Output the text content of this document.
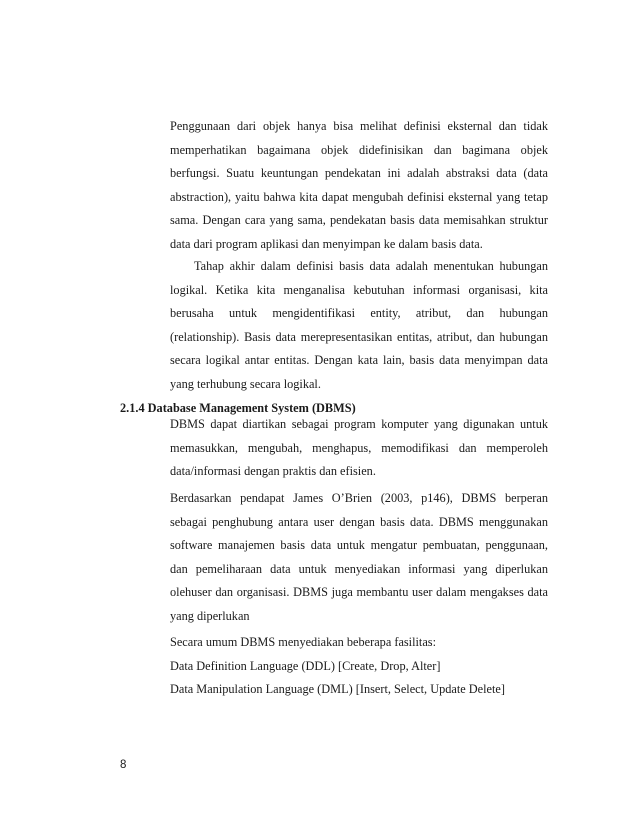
Penggunaan dari objek hanya bisa melihat definisi eksternal dan tidak
memperhatikan bagaimana objek didefinisikan dan bagimana objek
berfungsi. Suatu keuntungan pendekatan ini adalah abstraksi data (data
abstraction), yaitu bahwa kita dapat mengubah definisi eksternal yang tetap
sama. Dengan cara yang sama, pendekatan basis data memisahkan struktur
data dari program aplikasi dan menyimpan ke dalam basis data.
Tahap akhir dalam definisi basis data adalah menentukan hubungan
logikal. Ketika kita menganalisa kebutuhan informasi organisasi, kita
berusaha untuk mengidentifikasi entity, atribut, dan hubungan
(relationship). Basis data merepresentasikan entitas, atribut, dan hubungan
secara logikal antar entitas. Dengan kata lain, basis data menyimpan data
yang terhubung secara logikal.
2.1.4 Database Management System (DBMS)
DBMS dapat diartikan sebagai program komputer yang digunakan untuk
memasukkan, mengubah, menghapus, memodifikasi dan memperoleh
data/informasi dengan praktis dan efisien.
Berdasarkan pendapat James O’Brien (2003, p146), DBMS berperan
sebagai penghubung antara user dengan basis data. DBMS menggunakan
software manajemen basis data untuk mengatur pembuatan, penggunaan,
dan pemeliharaan data untuk menyediakan informasi yang diperlukan
olehuser dan organisasi. DBMS juga membantu user dalam mengakses data
yang diperlukan
Secara umum DBMS menyediakan beberapa fasilitas:
Data Definition Language (DDL) [Create, Drop, Alter]
Data Manipulation Language (DML) [Insert, Select, Update Delete]
8
